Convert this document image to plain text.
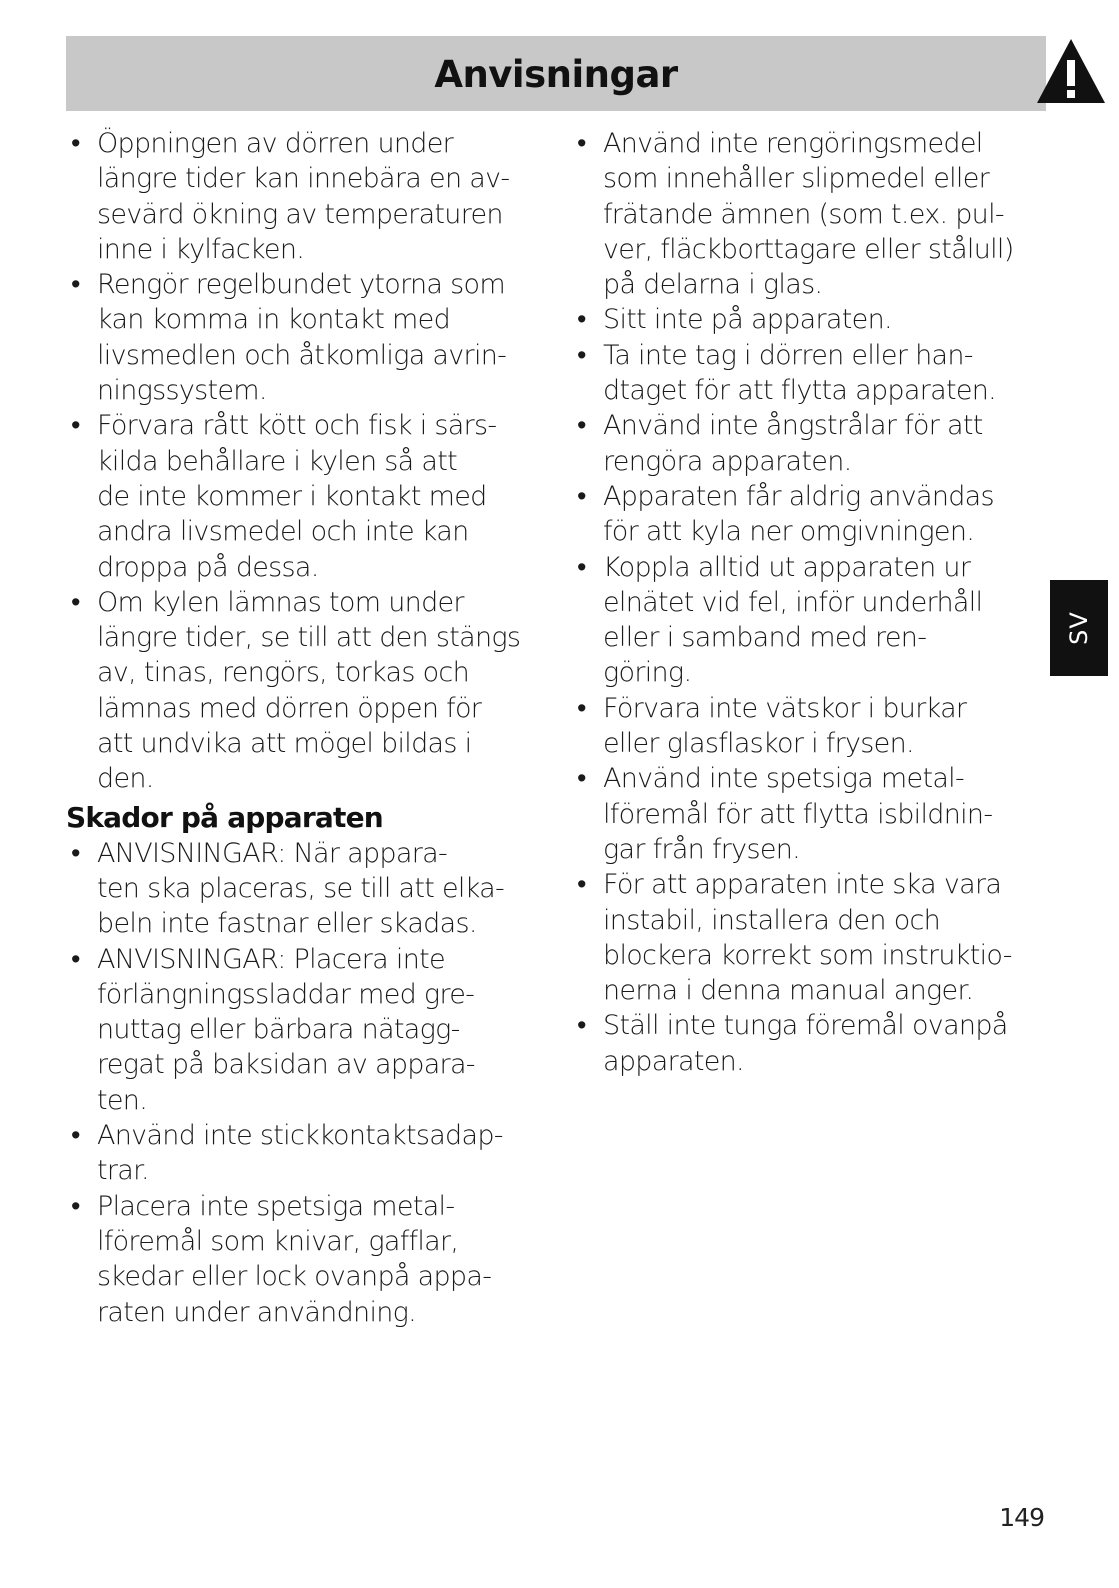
Anvisningar
• Öppningen av dörren under
längre tider kan innebära en av-
sevärd ökning av temperaturen
inne i kylfacken.
• Rengör regelbundet ytorna som
kan komma in kontakt med
livsmedlen och åtkomliga avrin-
ningssystem.
• Förvara rått kött och fisk i särs-
kilda behållare i kylen så att
de inte kommer i kontakt med
andra livsmedel och inte kan
droppa på dessa.
• Om kylen lämnas tom under
längre tider, se till att den stängs
av, tinas, rengörs, torkas och
lämnas med dörren öppen för
att undvika att mögel bildas i
den.
Skador på apparaten
• ANVISNINGAR: När appara-
ten ska placeras, se till att elka-
beln inte fastnar eller skadas.
• ANVISNINGAR: Placera inte
förlängningssladdar med gre-
nuttag eller bärbara nätagg-
regat på baksidan av appara-
ten.
• Använd inte stickkontaktsadap-
trar.
• Placera inte spetsiga metal-
lföremål som knivar, gafflar,
skedar eller lock ovanpå appa-
raten under användning.
• Använd inte rengöringsmedel
som innehåller slipmedel eller
frätande ämnen (som t.ex. pul-
ver, fläckborttagare eller stålull)
på delarna i glas.
• Sitt inte på apparaten.
• Ta inte tag i dörren eller han-
dtaget för att flytta apparaten.
• Använd inte ångstrålar för att
rengöra apparaten.
• Apparaten får aldrig användas
för att kyla ner omgivningen.
• Koppla alltid ut apparaten ur
elnätet vid fel, inför underhåll
eller i samband med ren-
göring.
• Förvara inte vätskor i burkar
eller glasflaskor i frysen.
• Använd inte spetsiga metal-
lföremål för att flytta isbildnin-
gar från frysen.
• För att apparaten inte ska vara
instabil, installera den och
blockera korrekt som instruktio-
nerna i denna manual anger.
• Ställ inte tunga föremål ovanpå
apparaten.
SV
149
